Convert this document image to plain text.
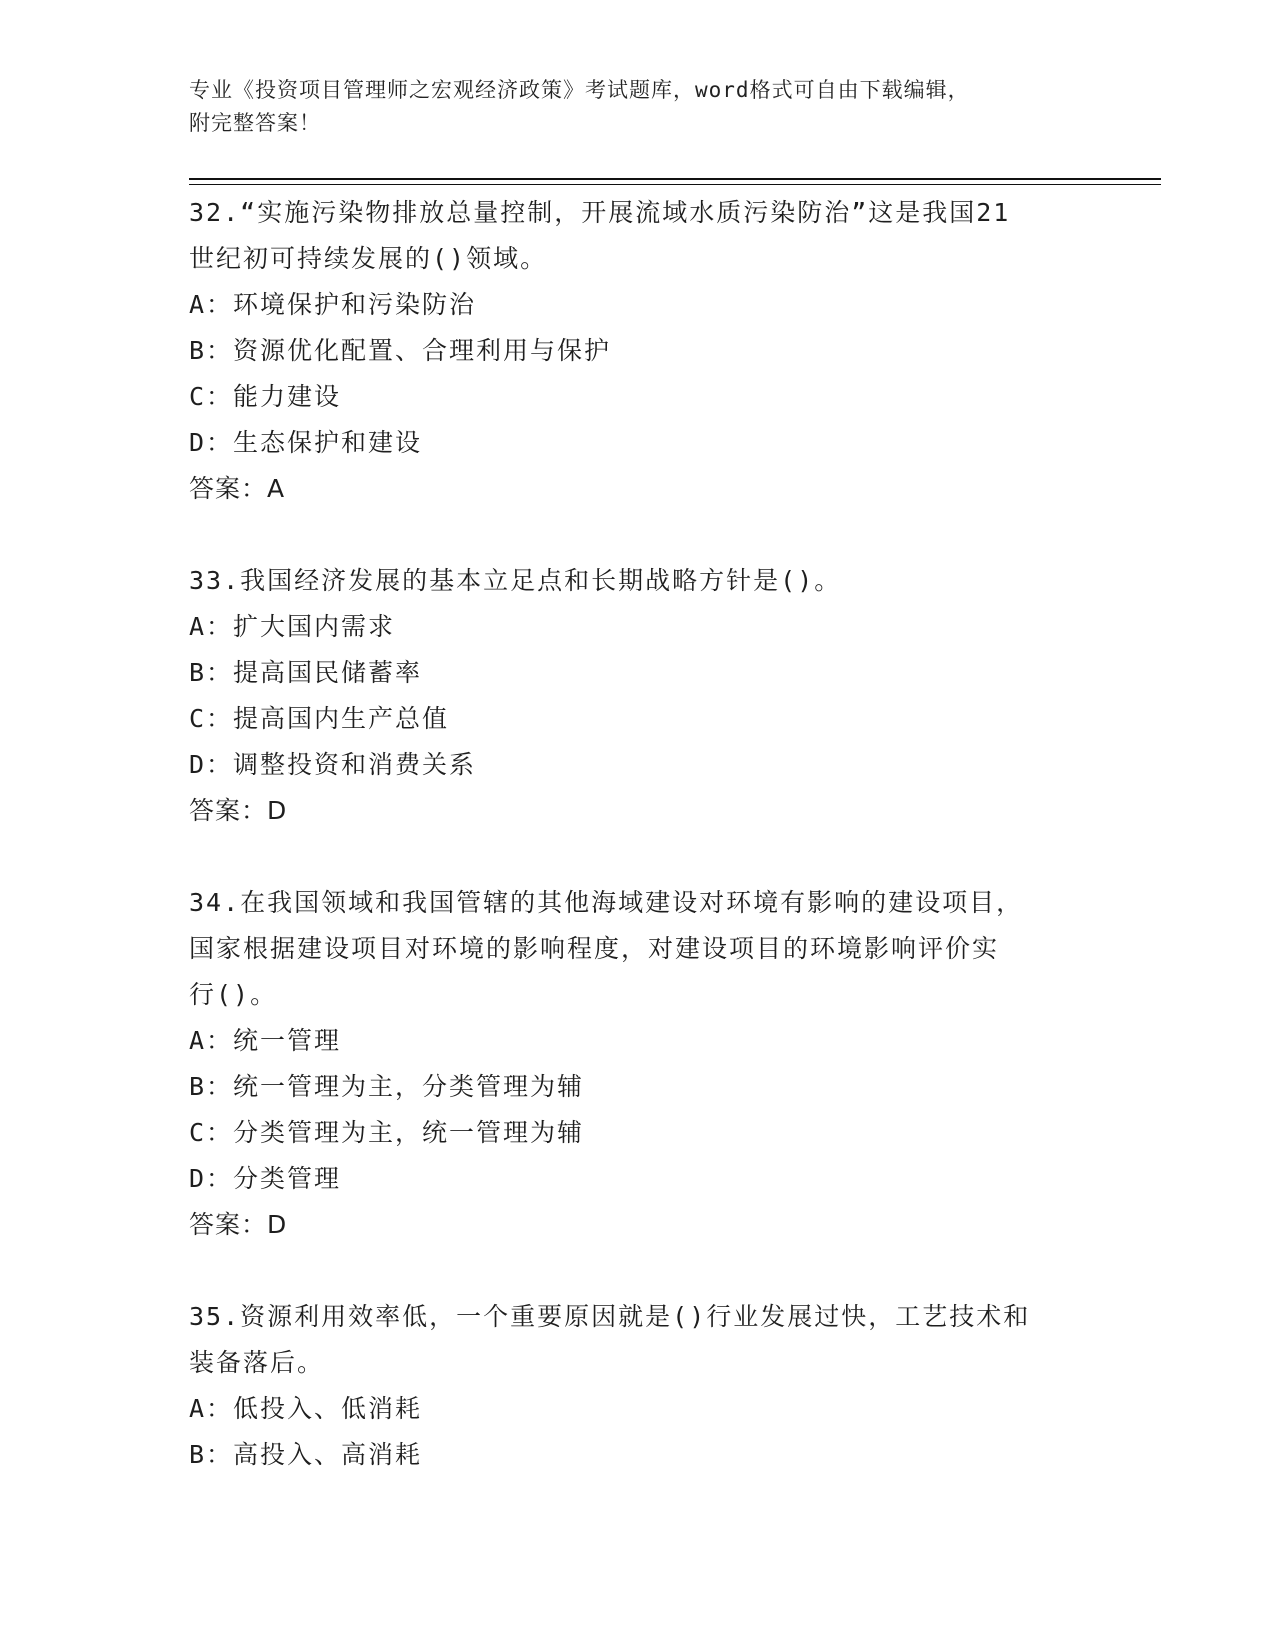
专业《投资项目管理师之宏观经济政策》考试题库，word格式可自由下载编辑，
附完整答案！
32.“实施污染物排放总量控制，开展流域水质污染防治”这是我国21
世纪初可持续发展的()领域。
A：环境保护和污染防治
B：资源优化配置、合理利用与保护
C：能力建设
D：生态保护和建设
答案：A
33.我国经济发展的基本立足点和长期战略方针是()。
A：扩大国内需求
B：提高国民储蓄率
C：提高国内生产总值
D：调整投资和消费关系
答案：D
34.在我国领域和我国管辖的其他海域建设对环境有影响的建设项目，
国家根据建设项目对环境的影响程度，对建设项目的环境影响评价实
行()。
A：统一管理
B：统一管理为主，分类管理为辅
C：分类管理为主，统一管理为辅
D：分类管理
答案：D
35.资源利用效率低，一个重要原因就是()行业发展过快，工艺技术和
装备落后。
A：低投入、低消耗
B：高投入、高消耗
